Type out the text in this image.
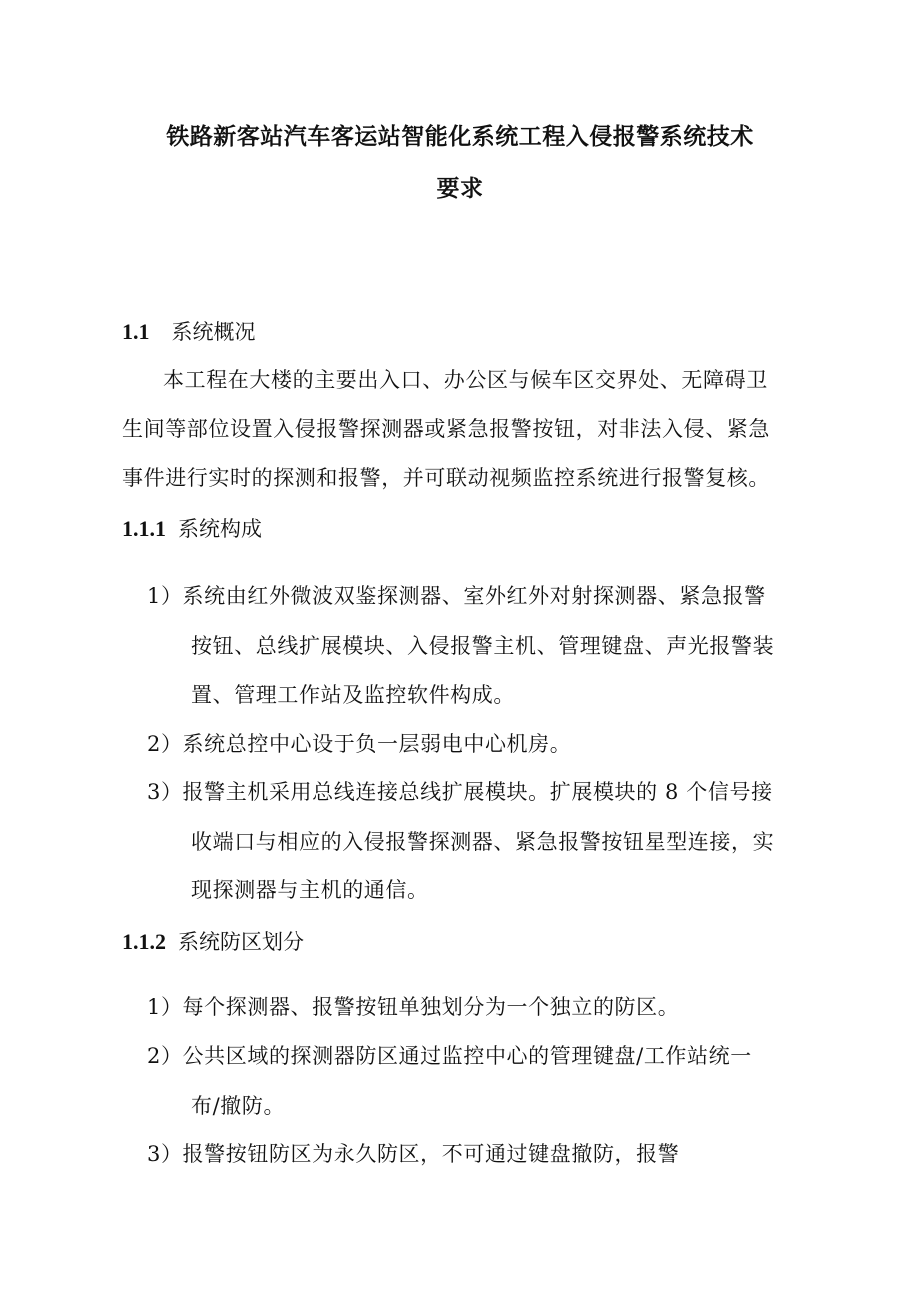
铁路新客站汽车客运站智能化系统工程入侵报警系统技术
要求
1.1 系统概况
本工程在大楼的主要出入口、办公区与候车区交界处、无障碍卫
生间等部位设置入侵报警探测器或紧急报警按钮，对非法入侵、紧急
事件进行实时的探测和报警，并可联动视频监控系统进行报警复核。
1.1.1 系统构成
1）系统由红外微波双鉴探测器、室外红外对射探测器、紧急报警
按钮、总线扩展模块、入侵报警主机、管理键盘、声光报警装
置、管理工作站及监控软件构成。
2）系统总控中心设于负一层弱电中心机房。
3）报警主机采用总线连接总线扩展模块。扩展模块的 8 个信号接
收端口与相应的入侵报警探测器、紧急报警按钮星型连接，实
现探测器与主机的通信。
1.1.2 系统防区划分
1）每个探测器、报警按钮单独划分为一个独立的防区。
2）公共区域的探测器防区通过监控中心的管理键盘/工作站统一
布/撤防。
3）报警按钮防区为永久防区，不可通过键盘撤防，报警
